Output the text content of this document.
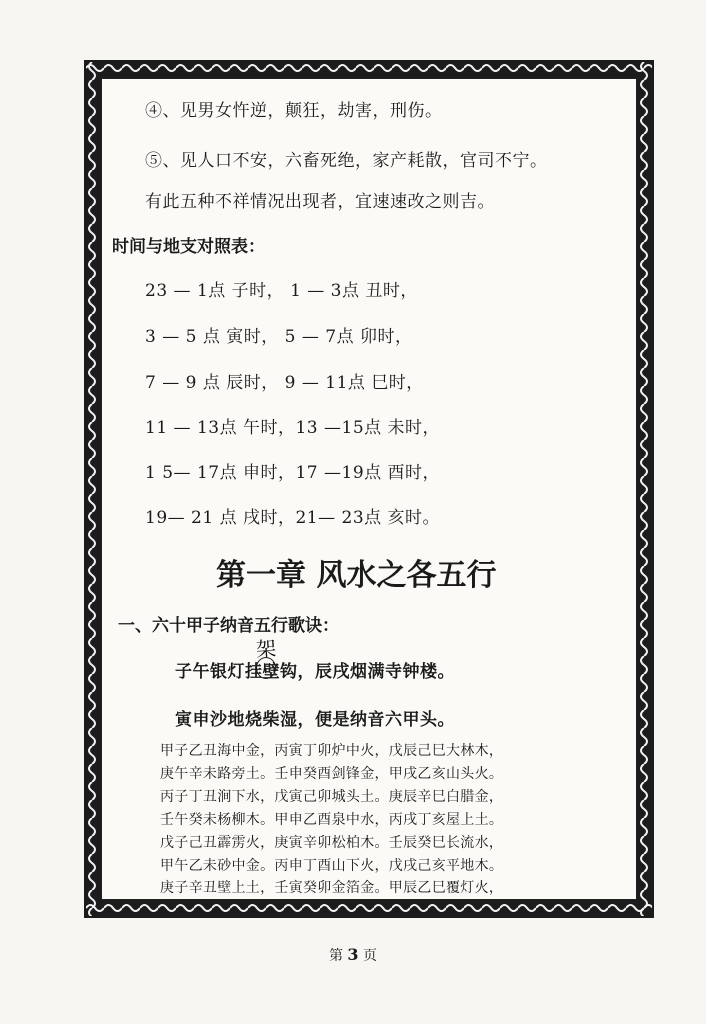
④、见男女忤逆，颠狂，劫害，刑伤。
⑤、见人口不安，六畜死绝，家产耗散，官司不宁。
有此五种不祥情况出现者，宜速速改之则吉。
时间与地支对照表：
23 — 1点 子时， 1 — 3点 丑时，
3 — 5 点 寅时， 5 — 7点 卯时，
7 — 9 点 辰时， 9 — 11点 巳时，
11 — 13点 午时，13 —15点 未时，
1 5— 17点 申时，17 —19点 酉时，
19— 21 点 戌时，21— 23点 亥时。
第一章 风水之各五行
一、六十甲子纳音五行歌诀：
架
子午银灯挂壁钩，辰戌烟满寺钟楼。
寅申沙地烧柴湿，便是纳音六甲头。
甲子乙丑海中金，丙寅丁卯炉中火，戊辰己巳大林木，
庚午辛未路旁土。壬申癸酉剑锋金，甲戌乙亥山头火。
丙子丁丑涧下水，戊寅己卯城头土。庚辰辛巳白腊金，
壬午癸未杨柳木。甲申乙酉泉中水，丙戌丁亥屋上土。
戊子己丑霹雳火，庚寅辛卯松柏木。壬辰癸巳长流水，
甲午乙未砂中金。丙申丁酉山下火，戊戌己亥平地木。
庚子辛丑壁上土，壬寅癸卯金箔金。甲辰乙巳覆灯火，
第 3 页
